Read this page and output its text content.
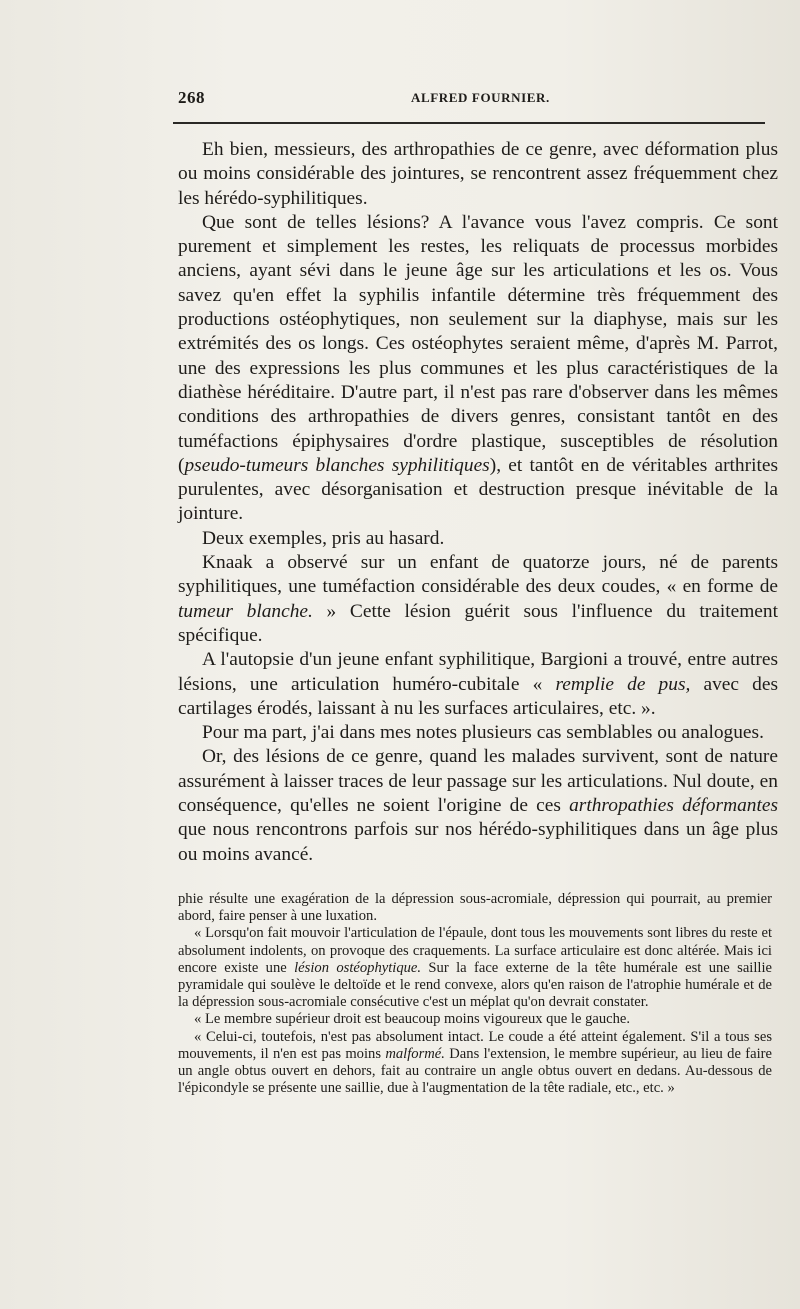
268	ALFRED FOURNIER.

Eh bien, messieurs, des arthropathies de ce genre, avec déformation plus ou moins considérable des jointures, se rencontrent assez fréquemment chez les hérédo-syphilitiques.

Que sont de telles lésions? A l'avance vous l'avez compris. Ce sont purement et simplement les restes, les reliquats de processus morbides anciens, ayant sévi dans le jeune âge sur les articulations et les os. Vous savez qu'en effet la syphilis infantile détermine très fréquemment des productions ostéophytiques, non seulement sur la diaphyse, mais sur les extrémités des os longs. Ces ostéophytes seraient même, d'après M. Parrot, une des expressions les plus communes et les plus caractéristiques de la diathèse héréditaire. D'autre part, il n'est pas rare d'observer dans les mêmes conditions des arthropathies de divers genres, consistant tantôt en des tuméfactions épiphysaires d'ordre plastique, susceptibles de résolution (pseudo-tumeurs blanches syphilitiques), et tantôt en de véritables arthrites purulentes, avec désorganisation et destruction presque inévitable de la jointure.

Deux exemples, pris au hasard.

Knaak a observé sur un enfant de quatorze jours, né de parents syphilitiques, une tuméfaction considérable des deux coudes, « en forme de tumeur blanche. » Cette lésion guérit sous l'influence du traitement spécifique.

A l'autopsie d'un jeune enfant syphilitique, Bargioni a trouvé, entre autres lésions, une articulation huméro-cubitale « remplie de pus, avec des cartilages érodés, laissant à nu les surfaces articulaires, etc. ».

Pour ma part, j'ai dans mes notes plusieurs cas semblables ou analogues.

Or, des lésions de ce genre, quand les malades survivent, sont de nature assurément à laisser traces de leur passage sur les articulations. Nul doute, en conséquence, qu'elles ne soient l'origine de ces arthropathies déformantes que nous rencontrons parfois sur nos hérédo-syphilitiques dans un âge plus ou moins avancé.

phie résulte une exagération de la dépression sous-acromiale, dépression qui pourrait, au premier abord, faire penser à une luxation.

« Lorsqu'on fait mouvoir l'articulation de l'épaule, dont tous les mouvements sont libres du reste et absolument indolents, on provoque des craquements. La surface articulaire est donc altérée. Mais ici encore existe une lésion ostéophytique. Sur la face externe de la tête humérale est une saillie pyramidale qui soulève le deltoïde et le rend convexe, alors qu'en raison de l'atrophie humérale et de la dépression sous-acromiale consécutive c'est un méplat qu'on devrait constater.

« Le membre supérieur droit est beaucoup moins vigoureux que le gauche.

« Celui-ci, toutefois, n'est pas absolument intact. Le coude a été atteint également. S'il a tous ses mouvements, il n'en est pas moins malformé. Dans l'extension, le membre supérieur, au lieu de faire un angle obtus ouvert en dehors, fait au contraire un angle obtus ouvert en dedans. Au-dessous de l'épicondyle se présente une saillie, due à l'augmentation de la tête radiale, etc., etc. »
